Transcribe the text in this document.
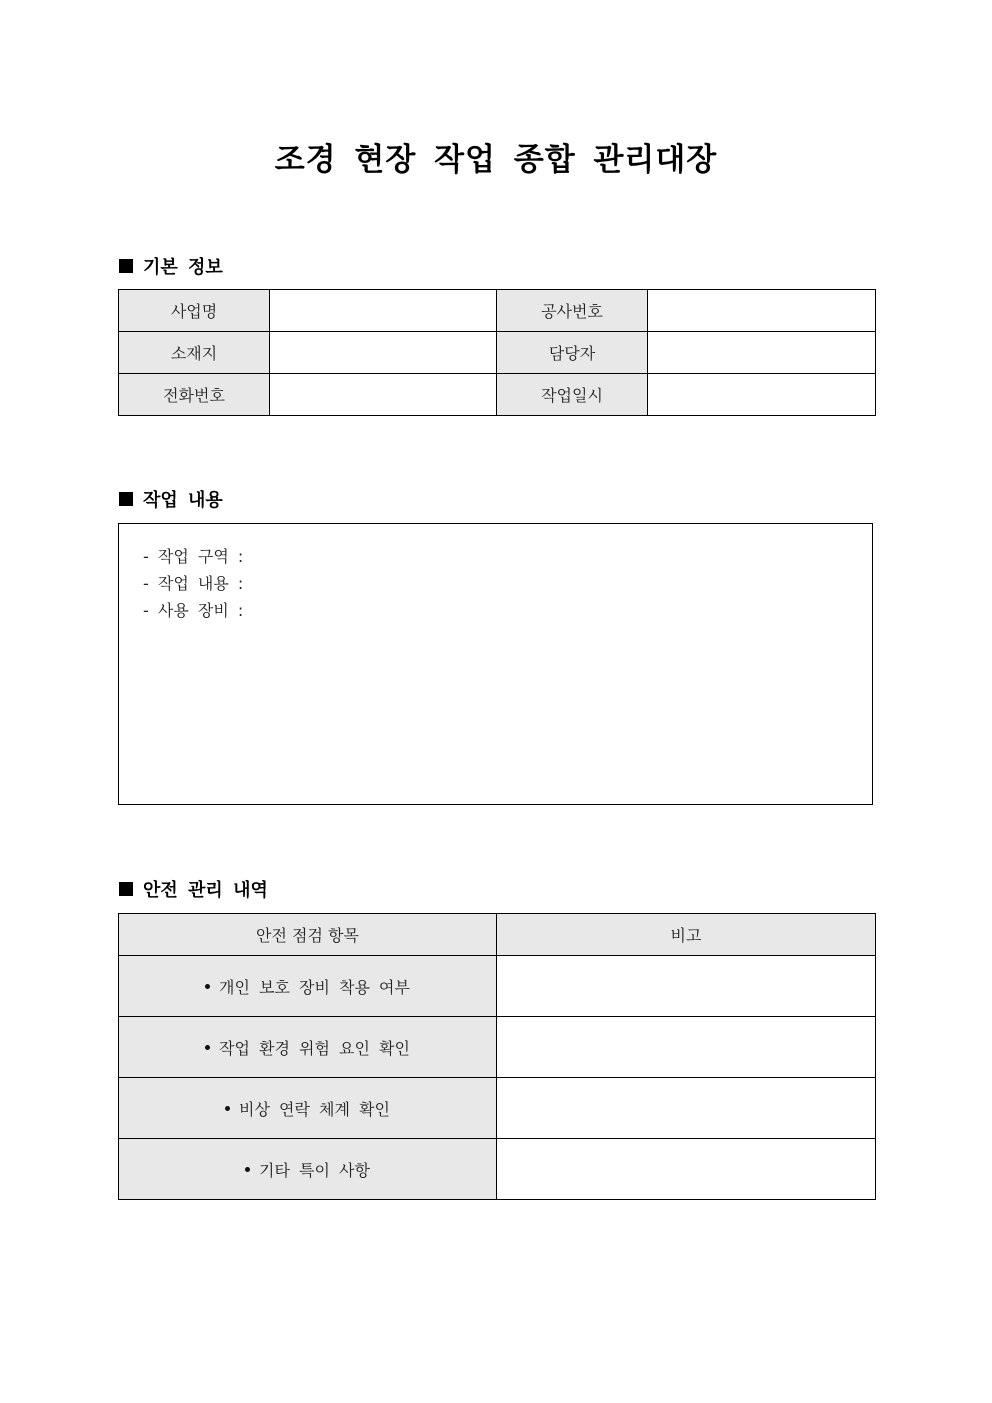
조경 현장 작업 종합 관리대장
기본 정보
사업명		공사번호	
소재지		담당자	
전화번호		작업일시	
작업 내용
- 작업 구역 :
- 작업 내용 :
- 사용 장비 :
안전 관리 내역
안전 점검 항목	비고
개인 보호 장비 착용 여부	
작업 환경 위험 요인 확인	
비상 연락 체계 확인	
기타 특이 사항	
